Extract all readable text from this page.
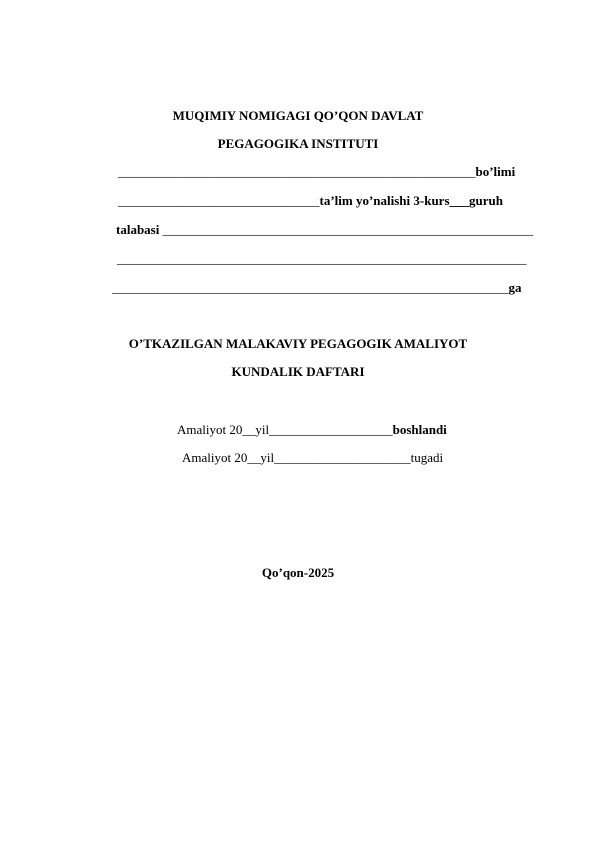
MUQIMIY NOMIGAGI QO’QON DAVLAT
PEGAGOGIKA INSTITUTI
_______________________________________________________bo’limi
_______________________________ta’lim yo’nalishi 3-kurs___guruh
talabasi _________________________________________________________
_______________________________________________________________
_____________________________________________________________ga
O’TKAZILGAN MALAKAVIY PEGAGOGIK AMALIYOT
KUNDALIK DAFTARI
Amaliyot 20__yil___________________boshlandi
Amaliyot 20__yil_____________________tugadi
Qo’qon-2025
